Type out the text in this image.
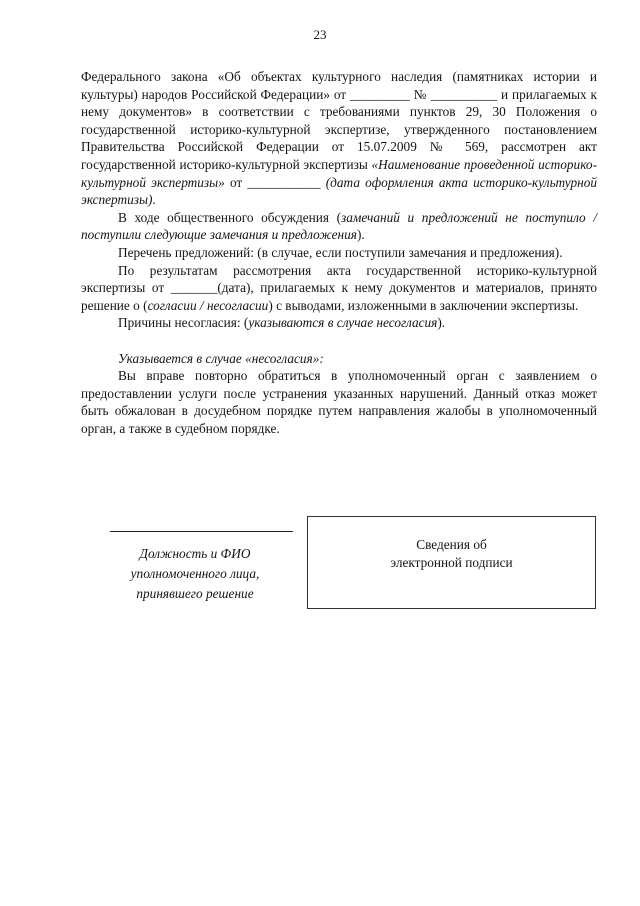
23

Федерального закона «Об объектах культурного наследия (памятниках истории и культуры) народов Российской Федерации» от _________ № __________ и прилагаемых к нему документов» в соответствии с требованиями пунктов 29, 30 Положения о государственной историко-культурной экспертизе, утвержденного постановлением Правительства Российской Федерации от 15.07.2009 № 569, рассмотрен акт государственной историко-культурной экспертизы «Наименование проведенной историко-культурной экспертизы» от ___________ (дата оформления акта историко-культурной экспертизы).

В ходе общественного обсуждения (замечаний и предложений не поступило / поступили следующие замечания и предложения).

Перечень предложений: (в случае, если поступили замечания и предложения).

По результатам рассмотрения акта государственной историко-культурной экспертизы от _______(дата), прилагаемых к нему документов и материалов, принято решение о (согласии / несогласии) с выводами, изложенными в заключении экспертизы.

Причины несогласия: (указываются в случае несогласия).

Указывается в случае «несогласия»:

Вы вправе повторно обратиться в уполномоченный орган с заявлением о предоставлении услуги после устранения указанных нарушений. Данный отказ может быть обжалован в досудебном порядке путем направления жалобы в уполномоченный орган, а также в судебном порядке.

Должность и ФИО
уполномоченного лица,
принявшего решение
Сведения об
электронной подписи
